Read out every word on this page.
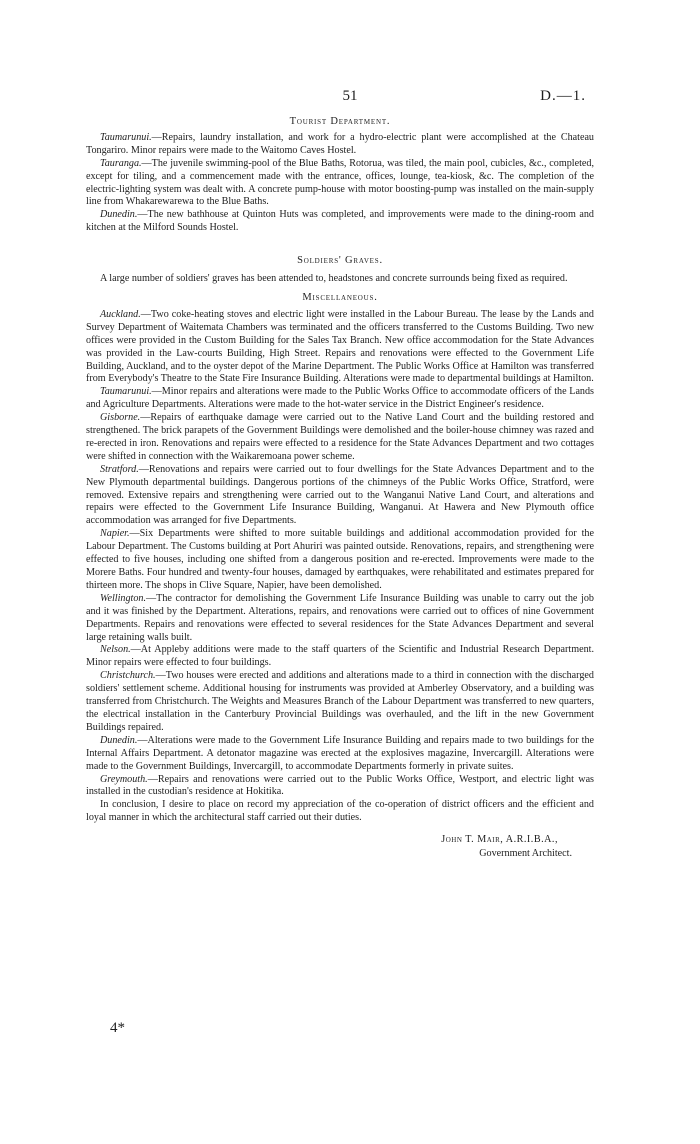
51	D.—1.
Tourist Department.

Taumarunui.—Repairs, laundry installation, and work for a hydro-electric plant were accomplished at the Chateau Tongariro. Minor repairs were made to the Waitomo Caves Hostel.

Tauranga.—The juvenile swimming-pool of the Blue Baths, Rotorua, was tiled, the main pool, cubicles, &c., completed, except for tiling, and a commencement made with the entrance, offices, lounge, tea-kiosk, &c. The completion of the electric-lighting system was dealt with. A concrete pump-house with motor boosting-pump was installed on the main-supply line from Whakarewarewa to the Blue Baths.

Dunedin.—The new bathhouse at Quinton Huts was completed, and improvements were made to the dining-room and kitchen at the Milford Sounds Hostel.

Soldiers' Graves.

A large number of soldiers' graves has been attended to, headstones and concrete surrounds being fixed as required.

Miscellaneous.

Auckland.—Two coke-heating stoves and electric light were installed in the Labour Bureau. The lease by the Lands and Survey Department of Waitemata Chambers was terminated and the officers transferred to the Customs Building. Two new offices were provided in the Custom Building for the Sales Tax Branch. New office accommodation for the State Advances was provided in the Law-courts Building, High Street. Repairs and renovations were effected to the Government Life Building, Auckland, and to the oyster depot of the Marine Department. The Public Works Office at Hamilton was transferred from Everybody's Theatre to the State Fire Insurance Building. Alterations were made to departmental buildings at Hamilton.

Taumarunui.—Minor repairs and alterations were made to the Public Works Office to accommodate officers of the Lands and Agriculture Departments. Alterations were made to the hot-water service in the District Engineer's residence.

Gisborne.—Repairs of earthquake damage were carried out to the Native Land Court and the building restored and strengthened. The brick parapets of the Government Buildings were demolished and the boiler-house chimney was razed and re-erected in iron. Renovations and repairs were effected to a residence for the State Advances Department and two cottages were shifted in connection with the Waikaremoana power scheme.

Stratford.—Renovations and repairs were carried out to four dwellings for the State Advances Department and to the New Plymouth departmental buildings. Dangerous portions of the chimneys of the Public Works Office, Stratford, were removed. Extensive repairs and strengthening were carried out to the Wanganui Native Land Court, and alterations and repairs were effected to the Government Life Insurance Building, Wanganui. At Hawera and New Plymouth office accommodation was arranged for five Departments.

Napier.—Six Departments were shifted to more suitable buildings and additional accommodation provided for the Labour Department. The Customs building at Port Ahuriri was painted outside. Renovations, repairs, and strengthening were effected to five houses, including one shifted from a dangerous position and re-erected. Improvements were made to the Morere Baths. Four hundred and twenty-four houses, damaged by earthquakes, were rehabilitated and estimates prepared for thirteen more. The shops in Clive Square, Napier, have been demolished.

Wellington.—The contractor for demolishing the Government Life Insurance Building was unable to carry out the job and it was finished by the Department. Alterations, repairs, and renovations were carried out to offices of nine Government Departments. Repairs and renovations were effected to several residences for the State Advances Department and several large retaining walls built.

Nelson.—At Appleby additions were made to the staff quarters of the Scientific and Industrial Research Department. Minor repairs were effected to four buildings.

Christchurch.—Two houses were erected and additions and alterations made to a third in connection with the discharged soldiers' settlement scheme. Additional housing for instruments was provided at Amberley Observatory, and a building was transferred from Christchurch. The Weights and Measures Branch of the Labour Department was transferred to new quarters, the electrical installation in the Canterbury Provincial Buildings was overhauled, and the lift in the new Government Buildings repaired.

Dunedin.—Alterations were made to the Government Life Insurance Building and repairs made to two buildings for the Internal Affairs Department. A detonator magazine was erected at the explosives magazine, Invercargill. Alterations were made to the Government Buildings, Invercargill, to accommodate Departments formerly in private suites.

Greymouth.—Repairs and renovations were carried out to the Public Works Office, Westport, and electric light was installed in the custodian's residence at Hokitika.

In conclusion, I desire to place on record my appreciation of the co-operation of district officers and the efficient and loyal manner in which the architectural staff carried out their duties.

John T. Mair, A.R.I.B.A.,
Government Architect.
4*
